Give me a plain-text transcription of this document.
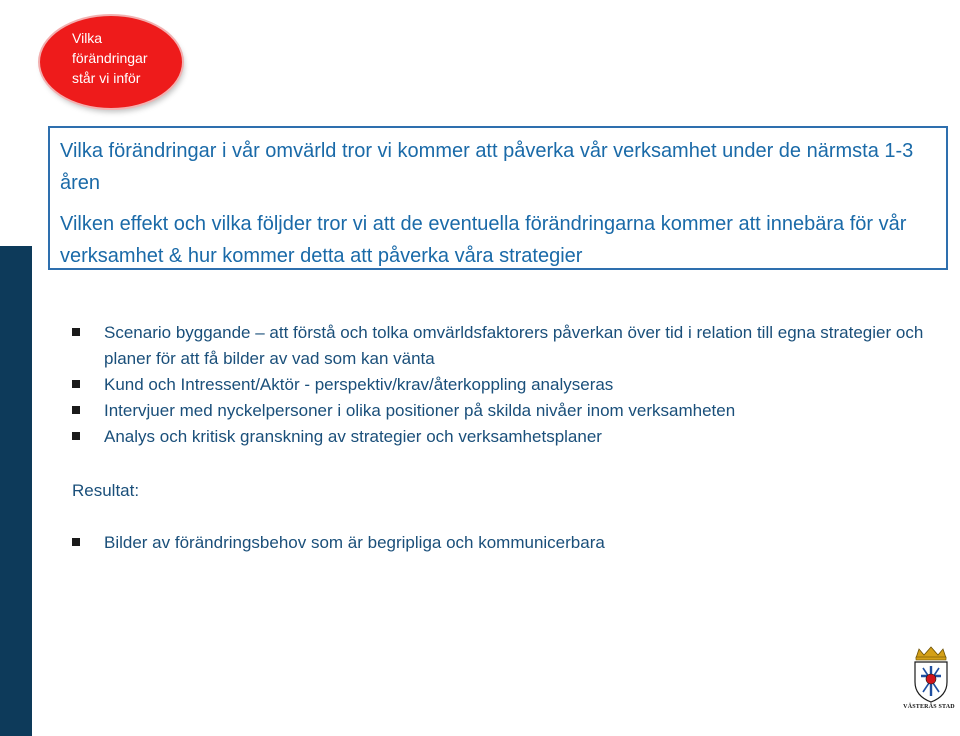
Vilka
förändringar
står vi inför

Vilka förändringar i vår omvärld tror vi kommer att påverka vår verksamhet under de närmsta 1-3 åren

Vilken effekt och vilka följder tror vi att de eventuella förändringarna kommer att innebära för vår verksamhet & hur kommer detta att påverka våra strategier

Scenario byggande – att förstå och tolka omvärldsfaktorers påverkan över tid i relation till egna strategier och planer för att få bilder av vad som kan vänta
Kund och Intressent/Aktör - perspektiv/krav/återkoppling analyseras
Intervjuer med nyckelpersoner i olika positioner på skilda nivåer inom verksamheten
Analys och kritisk granskning av strategier och verksamhetsplaner
Resultat:
Bilder av förändringsbehov som är begripliga och kommunicerbara
VÄSTERÅS STAD
